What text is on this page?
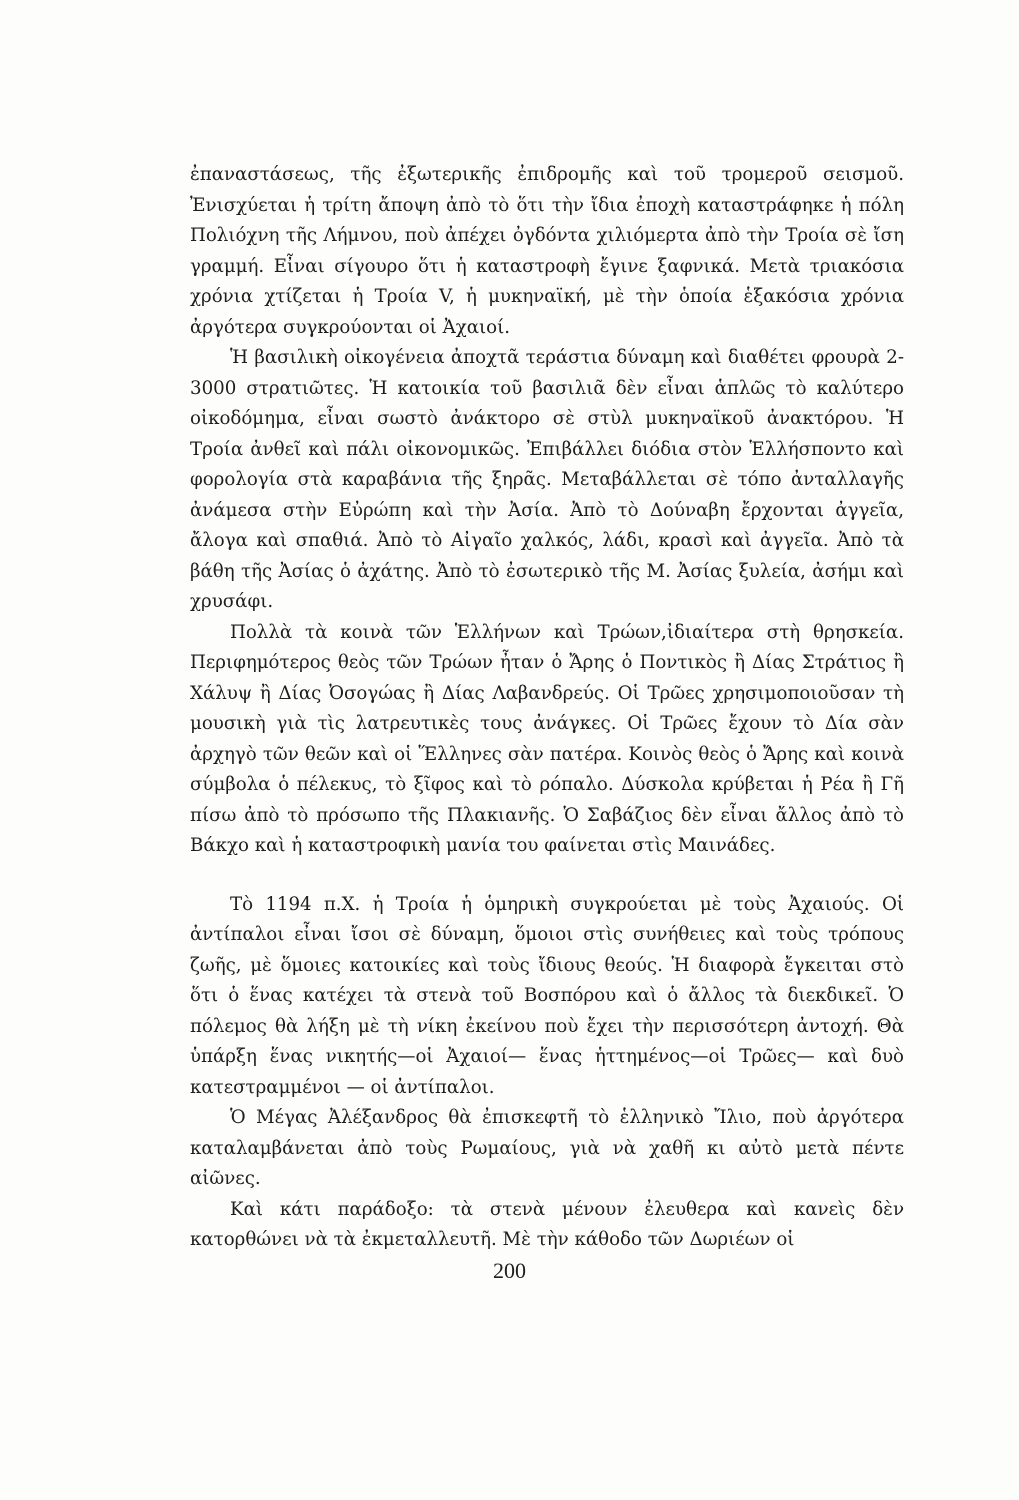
ἐπαναστάσεως, τῆς ἐξωτερικῆς ἐπιδρομῆς καὶ τοῦ τρομεροῦ σεισμοῦ. Ἐνισχύεται ἡ τρίτη ἄποψη ἀπὸ τὸ ὅτι τὴν ἴδια ἐποχὴ καταστράφηκε ἡ πόλη Πολιόχνη τῆς Λήμνου, ποὺ ἀπέχει ὀγδόντα χιλιόμερτα ἀπὸ τὴν Τροία σὲ ἴση γραμμή. Εἶναι σίγουρο ὅτι ἡ καταστροφὴ ἔγινε ξαφνικά. Μετὰ τριακόσια χρόνια χτίζεται ἡ Τροία V, ἡ μυκηναϊκή, μὲ τὴν ὁποία ἑξακόσια χρόνια ἀργότερα συγκρούονται οἱ Ἀχαιοί.

Ἡ βασιλικὴ οἰκογένεια ἀποχτᾶ τεράστια δύναμη καὶ διαθέτει φρουρὰ 2-3000 στρατιῶτες. Ἡ κατοικία τοῦ βασιλιᾶ δὲν εἶναι ἁπλῶς τὸ καλύτερο οἰκοδόμημα, εἶναι σωστὸ ἀνάκτορο σὲ στὺλ μυκηναϊκοῦ ἀνακτόρου. Ἡ Τροία ἀνθεῖ καὶ πάλι οἰκονομικῶς. Ἐπιβάλλει διόδια στὸν Ἑλλήσποντο καὶ φορολογία στὰ καραβάνια τῆς ξηρᾶς. Μεταβάλλεται σὲ τόπο ἀνταλλαγῆς ἀνάμεσα στὴν Εὐρώπη καὶ τὴν Ἀσία. Ἀπὸ τὸ Δούναβη ἔρχονται ἀγγεῖα, ἄλογα καὶ σπαθιά. Ἀπὸ τὸ Αἰγαῖο χαλκός, λάδι, κρασὶ καὶ ἀγγεῖα. Ἀπὸ τὰ βάθη τῆς Ἀσίας ὁ ἀχάτης. Ἀπὸ τὸ ἐσωτερικὸ τῆς Μ. Ἀσίας ξυλεία, ἀσήμι καὶ χρυσάφι.

Πολλὰ τὰ κοινὰ τῶν Ἑλλήνων καὶ Τρώων,ἰδιαίτερα στὴ θρησκεία. Περιφημότερος θεὸς τῶν Τρώων ἦταν ὁ Ἄρης ὁ Ποντικὸς ἢ Δίας Στράτιος ἢ Χάλυψ ἢ Δίας Ὀσογώας ἢ Δίας Λαβανδρεύς. Οἱ Τρῶες χρησιμοποιοῦσαν τὴ μουσικὴ γιὰ τὶς λατρευτικὲς τους ἀνάγκες. Οἱ Τρῶες ἔχουν τὸ Δία σὰν ἀρχηγὸ τῶν θεῶν καὶ οἱ Ἕλληνες σὰν πατέρα. Κοινὸς θεὸς ὁ Ἄρης καὶ κοινὰ σύμβολα ὁ πέλεκυς, τὸ ξῖφος καὶ τὸ ρόπαλο. Δύσκολα κρύβεται ἡ Ρέα ἢ Γῆ πίσω ἀπὸ τὸ πρόσωπο τῆς Πλακιανῆς. Ὁ Σαβάζιος δὲν εἶναι ἄλλος ἀπὸ τὸ Βάκχο καὶ ἡ καταστροφικὴ μανία του φαίνεται στὶς Μαινάδες.

Τὸ 1194 π.Χ. ἡ Τροία ἡ ὁμηρικὴ συγκρούεται μὲ τοὺς Ἀχαιούς. Οἱ ἀντίπαλοι εἶναι ἴσοι σὲ δύναμη, ὅμοιοι στὶς συνήθειες καὶ τοὺς τρόπους ζωῆς, μὲ ὅμοιες κατοικίες καὶ τοὺς ἴδιους θεούς. Ἡ διαφορὰ ἔγκειται στὸ ὅτι ὁ ἕνας κατέχει τὰ στενὰ τοῦ Βοσπόρου καὶ ὁ ἄλλος τὰ διεκδικεῖ. Ὁ πόλεμος θὰ λήξη μὲ τὴ νίκη ἐκείνου ποὺ ἔχει τὴν περισσότερη ἀντοχή. Θὰ ὑπάρξη ἕνας νικητής—οἱ Ἀχαιοί— ἕνας ἡττημένος—οἱ Τρῶες— καὶ δυὸ κατεστραμμένοι — οἱ ἀντίπαλοι.

Ὁ Μέγας Ἀλέξανδρος θὰ ἐπισκεφτῆ τὸ ἑλληνικὸ Ἴλιο, ποὺ ἀργότερα καταλαμβάνεται ἀπὸ τοὺς Ρωμαίους, γιὰ νὰ χαθῆ κι αὐτὸ μετὰ πέντε αἰῶνες.

Καὶ κάτι παράδοξο: τὰ στενὰ μένουν ἐλευθερα καὶ κανεὶς δὲν κατορθώνει νὰ τὰ ἐκμεταλλευτῆ. Μὲ τὴν κάθοδο τῶν Δωριέων οἱ

200
